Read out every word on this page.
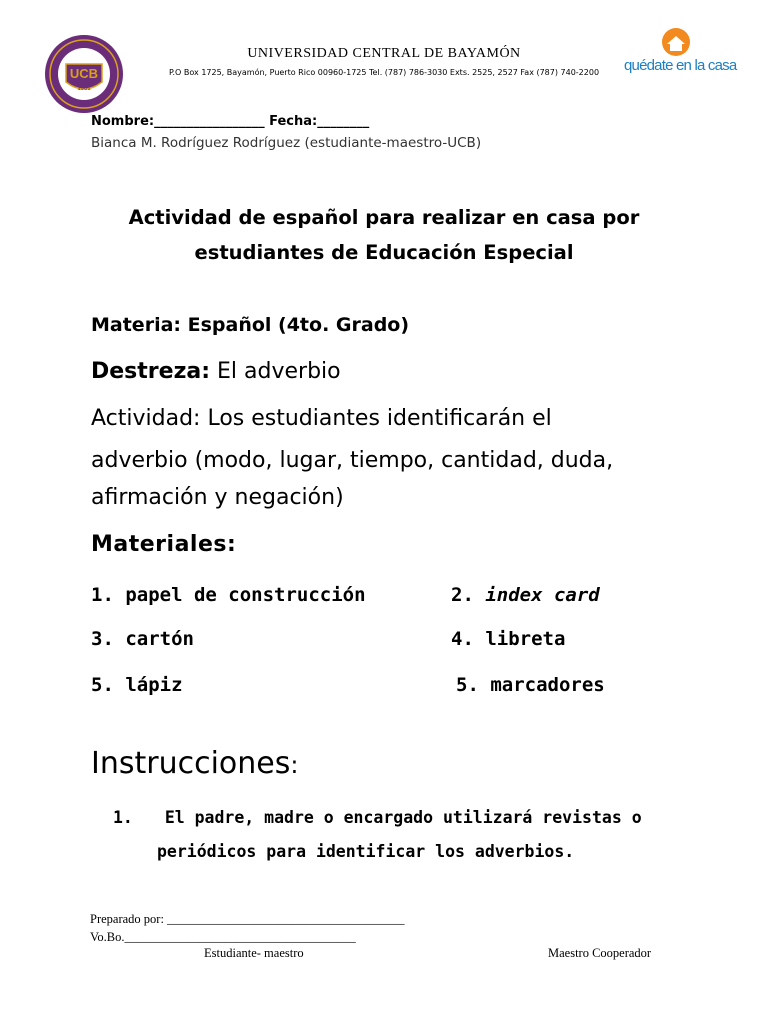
UCB
1961
quédate en la casa
UNIVERSIDAD CENTRAL DE BAYAMÓN
P.O Box 1725, Bayamón, Puerto Rico 00960-1725 Tel. (787) 786-3030 Exts. 2525, 2527 Fax (787) 740-2200
Nombre:_________________ Fecha:________
Bianca M. Rodríguez Rodríguez (estudiante-maestro-UCB)
Actividad de español para realizar en casa por
estudiantes de Educación Especial
Materia: Español (4to. Grado)
Destreza: El adverbio
Actividad: Los estudiantes identificarán el
adverbio (modo, lugar, tiempo, cantidad, duda,
afirmación y negación)
Materiales:
1. papel de construcción	2. index card
3. cartón	4. libreta
5. lápiz	5. marcadores
Instrucciones:
1. El padre, madre o encargado utilizará revistas o
periódicos para identificar los adverbios.
Preparado por: ______________________________________
Vo.Bo._____________________________________
Estudiante- maestro	Maestro Cooperador
